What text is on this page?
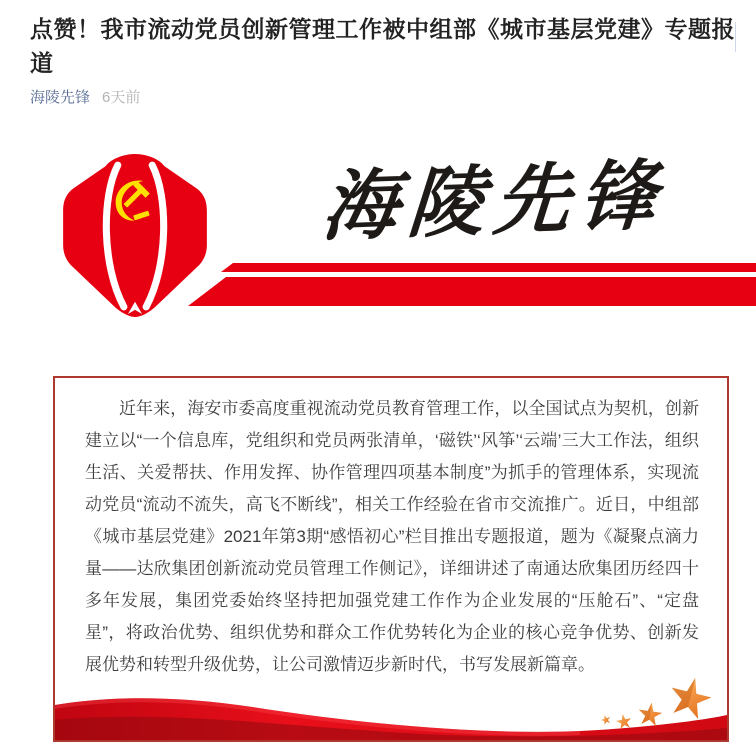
点赞！我市流动党员创新管理工作被中组部《城市基层党建》专题报道
海陵先锋 6天前
海陵先锋

近年来，海安市委高度重视流动党员教育管理工作，以全国试点为契机，创新建立以“一个信息库，党组织和党员两张清单，‘磁铁’‘风筝’‘云端’三大工作法，组织生活、关爱帮扶、作用发挥、协作管理四项基本制度”为抓手的管理体系，实现流动党员“流动不流失，高飞不断线”，相关工作经验在省市交流推广。近日，中组部《城市基层党建》2021年第3期“感悟初心”栏目推出专题报道，题为《凝聚点滴力量——达欣集团创新流动党员管理工作侧记》，详细讲述了南通达欣集团历经四十多年发展，集团党委始终坚持把加强党建工作作为企业发展的“压舱石”、“定盘星”，将政治优势、组织优势和群众工作优势转化为企业的核心竞争优势、创新发展优势和转型升级优势，让公司激情迈步新时代，书写发展新篇章。
